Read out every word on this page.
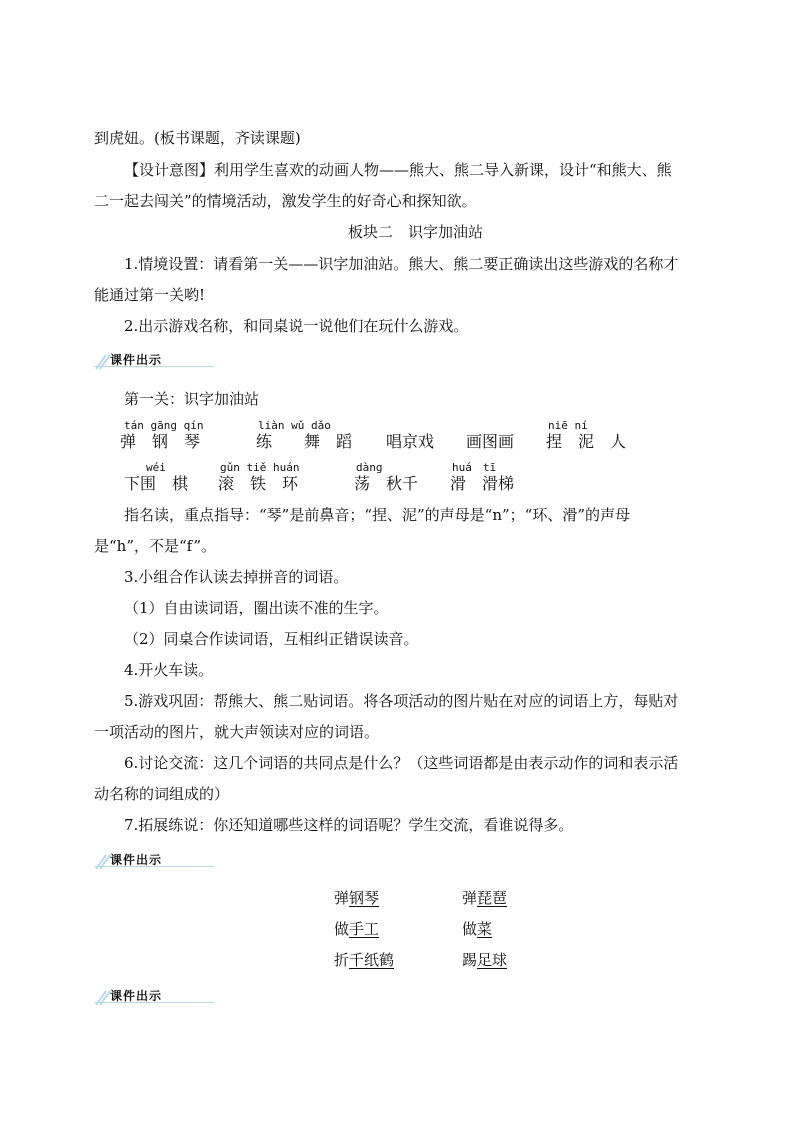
到虎妞。(板书课题，齐读课题)
【设计意图】利用学生喜欢的动画人物——熊大、熊二导入新课，设计“和熊大、熊
二一起去闯关”的情境活动，激发学生的好奇心和探知欲。
板块二　识字加油站
1.情境设置：请看第一关——识字加油站。熊大、熊二要正确读出这些游戏的名称才
能通过第一关哟!
2.出示游戏名称，和同桌说一说他们在玩什么游戏。
课件出示
第一关：识字加油站
tán gāng qín	liàn wǔ dǎo	niē ní
弹　钢　琴	练　　舞　蹈 唱京戏 画图画 捏　泥　人
wéi	gǔn tiě huán	dàng	huá　tī
下围　棋 滚　铁　环	荡　秋千 滑　滑梯
指名读，重点指导：“琴”是前鼻音；“捏、泥”的声母是“n”；“环、滑”的声母
是“h”，不是“f”。
3.小组合作认读去掉拼音的词语。
（1）自由读词语，圈出读不准的生字。
（2）同桌合作读词语，互相纠正错误读音。
4.开火车读。
5.游戏巩固：帮熊大、熊二贴词语。将各项活动的图片贴在对应的词语上方，每贴对
一项活动的图片，就大声领读对应的词语。
6.讨论交流：这几个词语的共同点是什么？（这些词语都是由表示动作的词和表示活
动名称的词组成的）
7.拓展练说：你还知道哪些这样的词语呢？学生交流，看谁说得多。
课件出示
弹钢琴	弹琵琶
做手工	做菜
折千纸鹤	踢足球
课件出示
